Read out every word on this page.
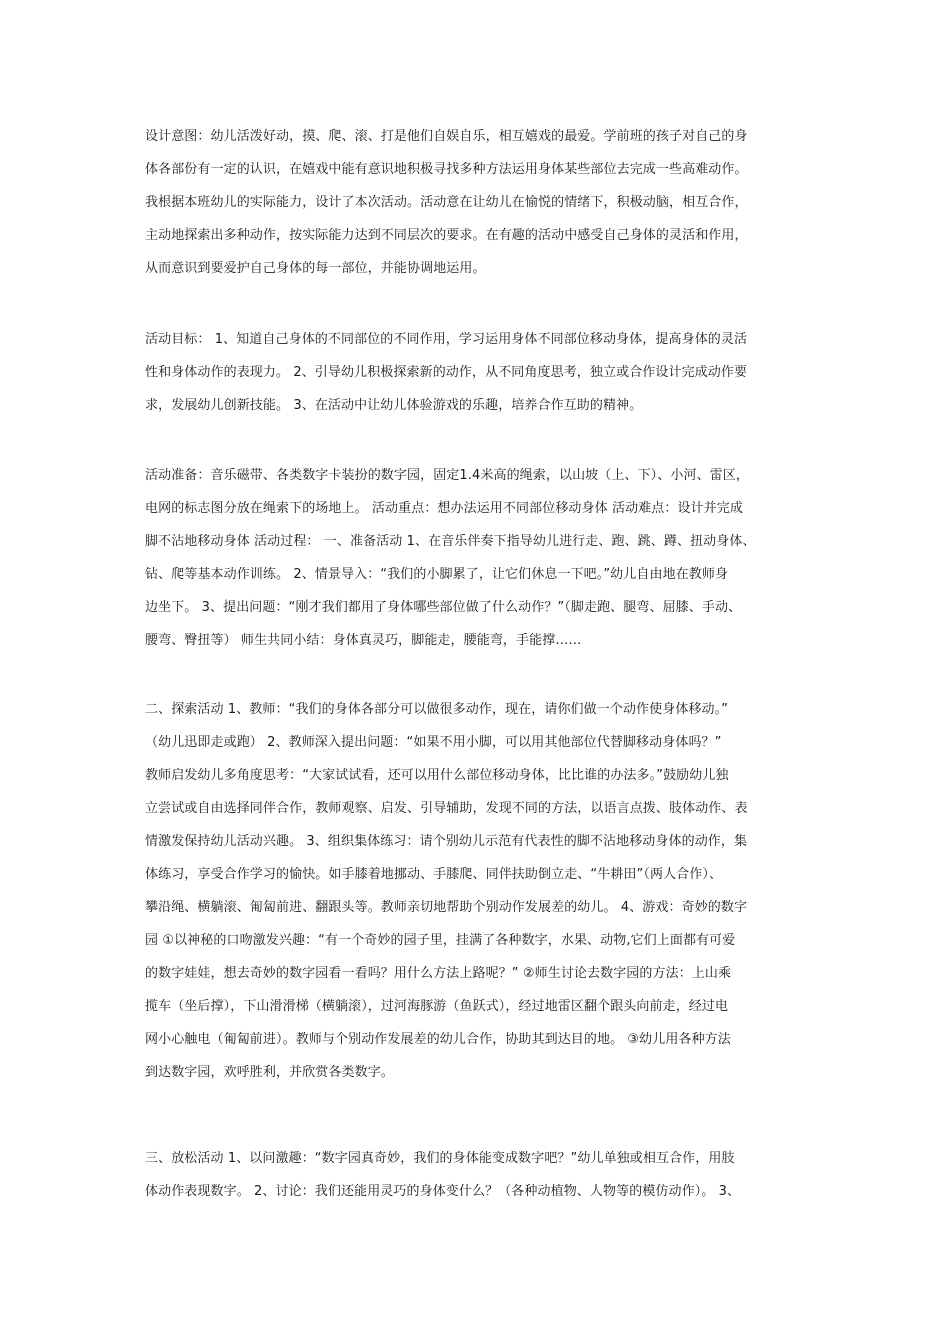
设计意图：幼儿活泼好动，摸、爬、滚、打是他们自娱自乐，相互嬉戏的最爱。学前班的孩子对自己的身
体各部份有一定的认识，在嬉戏中能有意识地积极寻找多种方法运用身体某些部位去完成一些高难动作。
我根据本班幼儿的实际能力，设计了本次活动。活动意在让幼儿在愉悦的情绪下，积极动脑，相互合作，
主动地探索出多种动作，按实际能力达到不同层次的要求。在有趣的活动中感受自己身体的灵活和作用，
从而意识到要爱护自己身体的每一部位，并能协调地运用。
活动目标： 1、知道自己身体的不同部位的不同作用，学习运用身体不同部位移动身体，提高身体的灵活
性和身体动作的表现力。 2、引导幼儿积极探索新的动作，从不同角度思考，独立或合作设计完成动作要
求，发展幼儿创新技能。 3、在活动中让幼儿体验游戏的乐趣，培养合作互助的精神。
活动准备：音乐磁带、各类数字卡装扮的数字园，固定1.4米高的绳索，以山坡（上、下）、小河、雷区，
电网的标志图分放在绳索下的场地上。 活动重点：想办法运用不同部位移动身体 活动难点：设计并完成
脚不沾地移动身体 活动过程： 一、准备活动 1、在音乐伴奏下指导幼儿进行走、跑、跳、蹲、扭动身体、
钻、爬等基本动作训练。 2、情景导入：“我们的小脚累了，让它们休息一下吧。”幼儿自由地在教师身
边坐下。 3、提出问题：“刚才我们都用了身体哪些部位做了什么动作？”（脚走跑、腿弯、屈膝、手动、
腰弯、臀扭等） 师生共同小结：身体真灵巧，脚能走，腰能弯，手能撑……
二、探索活动 1、教师：“我们的身体各部分可以做很多动作，现在，请你们做一个动作使身体移动。”
（幼儿迅即走或跑） 2、教师深入提出问题：“如果不用小脚，可以用其他部位代替脚移动身体吗？”
教师启发幼儿多角度思考：“大家试试看，还可以用什么部位移动身体，比比谁的办法多。”鼓励幼儿独
立尝试或自由选择同伴合作，教师观察、启发、引导辅助，发现不同的方法，以语言点拨、肢体动作、表
情激发保持幼儿活动兴趣。 3、组织集体练习：请个别幼儿示范有代表性的脚不沾地移动身体的动作，集
体练习，享受合作学习的愉快。如手膝着地挪动、手膝爬、同伴扶助倒立走、“牛耕田”（两人合作）、
攀沿绳、横躺滚、匍匐前进、翻跟头等。教师亲切地帮助个别动作发展差的幼儿。 4、游戏：奇妙的数字
园 ①以神秘的口吻激发兴趣：“有一个奇妙的园子里，挂满了各种数字，水果、动物,它们上面都有可爱
的数字娃娃，想去奇妙的数字园看一看吗？用什么方法上路呢？” ②师生讨论去数字园的方法：上山乘
揽车（坐后撑），下山滑滑梯（横躺滚），过河海豚游（鱼跃式），经过地雷区翻个跟头向前走，经过电
网小心触电（匍匐前进）。教师与个别动作发展差的幼儿合作，协助其到达目的地。 ③幼儿用各种方法
到达数字园，欢呼胜利，并欣赏各类数字。
三、放松活动 1、以问激趣：“数字园真奇妙，我们的身体能变成数字吧？”幼儿单独或相互合作，用肢
体动作表现数字。 2、讨论：我们还能用灵巧的身体变什么？（各种动植物、人物等的模仿动作）。 3、
